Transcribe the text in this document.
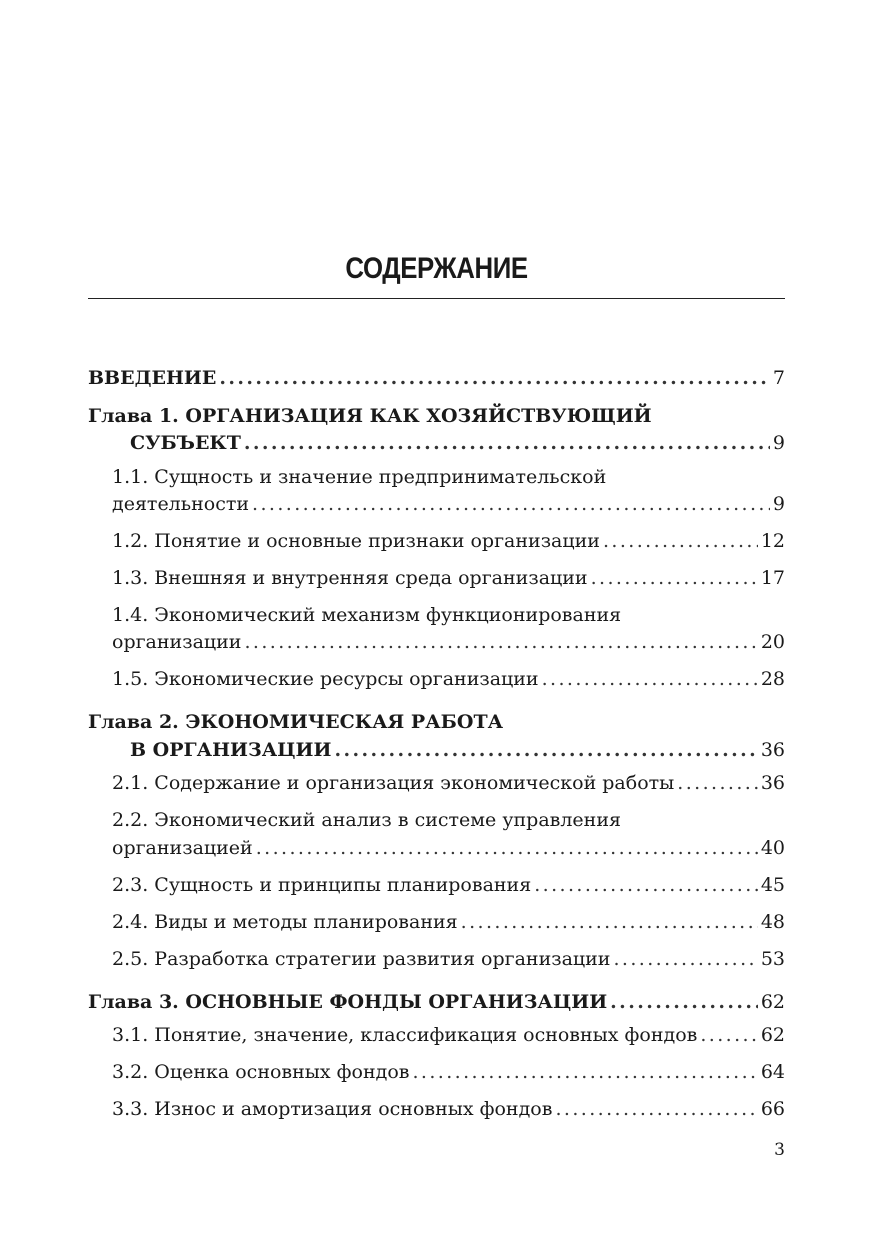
СОДЕРЖАНИЕ
ВВЕДЕНИЕ .....	7
Глава 1. ОРГАНИЗАЦИЯ КАК ХОЗЯЙСТВУЮЩИЙ
СУБЪЕКТ .....	9
1.1. Сущность и значение предпринимательской
деятельности .....	9
1.2. Понятие и основные признаки организации .....	12
1.3. Внешняя и внутренняя среда организации .....	17
1.4. Экономический механизм функционирования
организации .....	20
1.5. Экономические ресурсы организации .....	28
Глава 2. ЭКОНОМИЧЕСКАЯ РАБОТА
В ОРГАНИЗАЦИИ .....	36
2.1. Содержание и организация экономической работы .....	36
2.2. Экономический анализ в системе управления
организацией .....	40
2.3. Сущность и принципы планирования .....	45
2.4. Виды и методы планирования .....	48
2.5. Разработка стратегии развития организации .....	53
Глава 3. ОСНОВНЫЕ ФОНДЫ ОРГАНИЗАЦИИ .....	62
3.1. Понятие, значение, классификация основных фондов .....	62
3.2. Оценка основных фондов .....	64
3.3. Износ и амортизация основных фондов .....	66
3
